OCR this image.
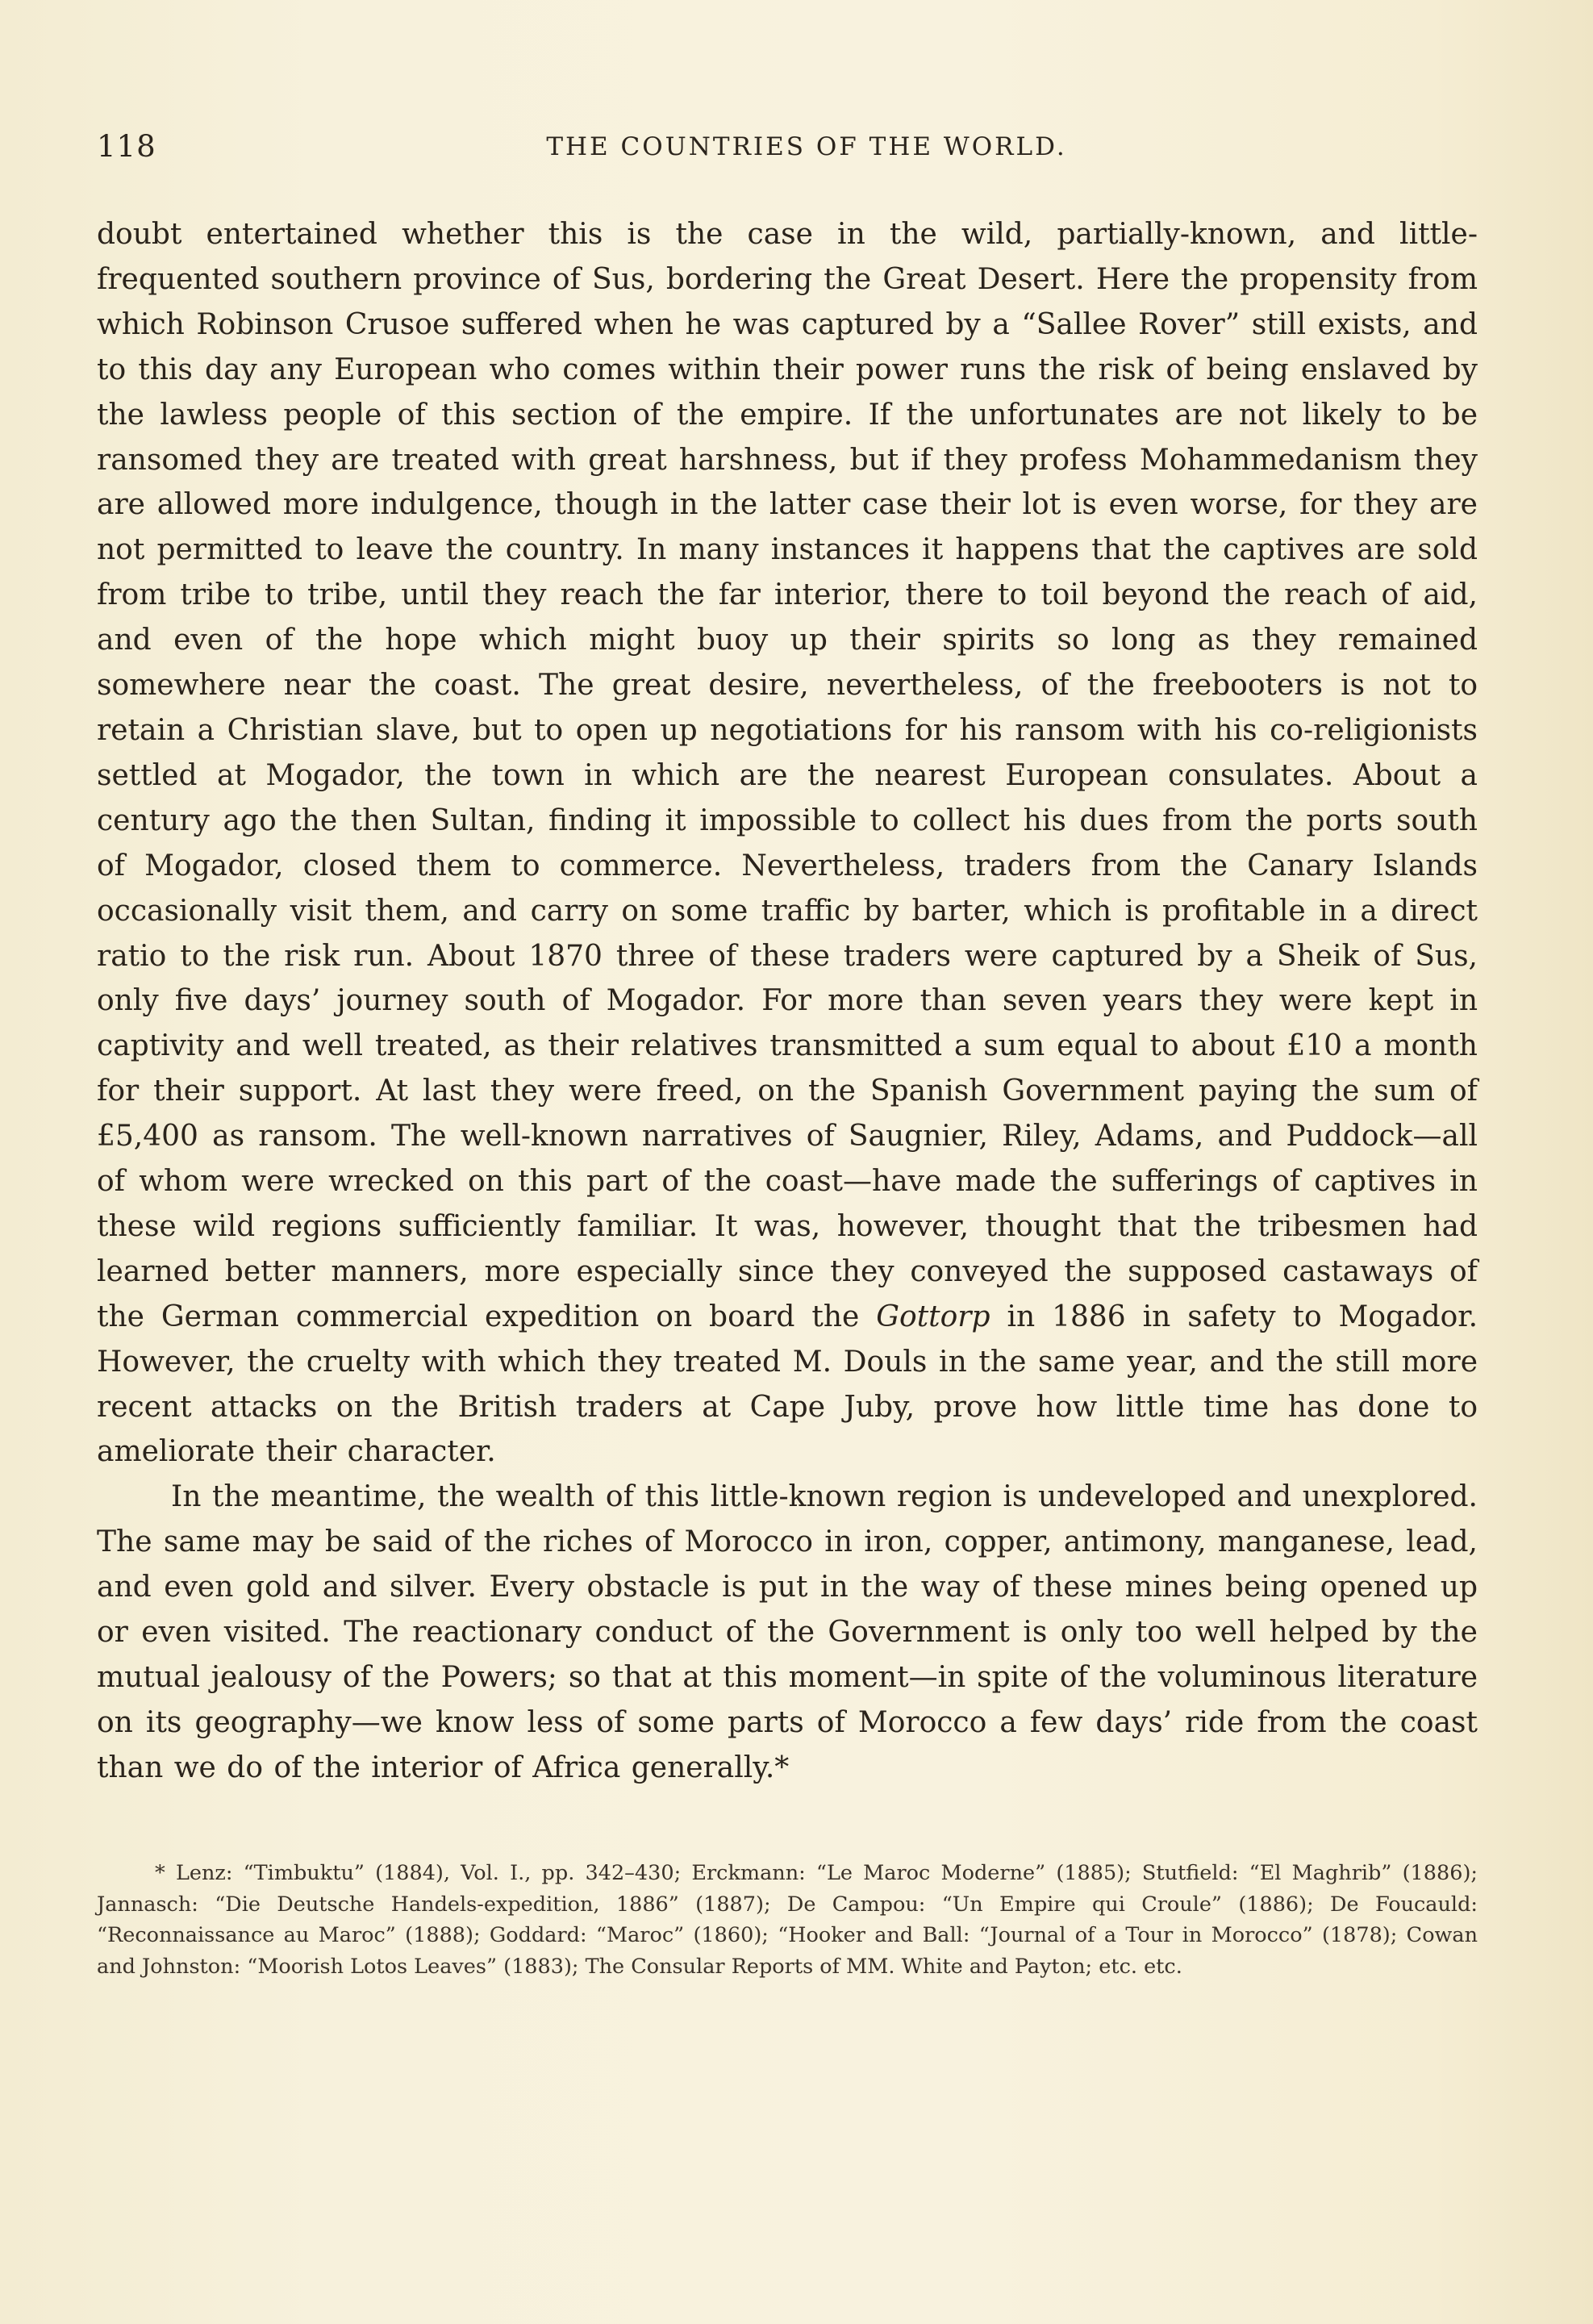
118	THE COUNTRIES OF THE WORLD.

doubt entertained whether this is the case in the wild, partially-known, and little-frequented southern province of Sus, bordering the Great Desert. Here the propensity from which Robinson Crusoe suffered when he was captured by a “Sallee Rover” still exists, and to this day any European who comes within their power runs the risk of being enslaved by the lawless people of this section of the empire. If the unfortunates are not likely to be ransomed they are treated with great harshness, but if they profess Mohammedanism they are allowed more indulgence, though in the latter case their lot is even worse, for they are not permitted to leave the country. In many instances it happens that the captives are sold from tribe to tribe, until they reach the far interior, there to toil beyond the reach of aid, and even of the hope which might buoy up their spirits so long as they remained somewhere near the coast. The great desire, nevertheless, of the freebooters is not to retain a Christian slave, but to open up negotiations for his ransom with his co-religionists settled at Mogador, the town in which are the nearest European consulates. About a century ago the then Sultan, finding it impossible to collect his dues from the ports south of Mogador, closed them to commerce. Nevertheless, traders from the Canary Islands occasionally visit them, and carry on some traffic by barter, which is profitable in a direct ratio to the risk run. About 1870 three of these traders were captured by a Sheik of Sus, only five days’ journey south of Mogador. For more than seven years they were kept in captivity and well treated, as their relatives transmitted a sum equal to about £10 a month for their support. At last they were freed, on the Spanish Government paying the sum of £5,400 as ransom. The well-known narratives of Saugnier, Riley, Adams, and Puddock—all of whom were wrecked on this part of the coast—have made the sufferings of captives in these wild regions sufficiently familiar. It was, however, thought that the tribesmen had learned better manners, more especially since they conveyed the supposed castaways of the German commercial expedition on board the Gottorp in 1886 in safety to Mogador. However, the cruelty with which they treated M. Douls in the same year, and the still more recent attacks on the British traders at Cape Juby, prove how little time has done to ameliorate their character.

In the meantime, the wealth of this little-known region is undeveloped and unexplored. The same may be said of the riches of Morocco in iron, copper, antimony, manganese, lead, and even gold and silver. Every obstacle is put in the way of these mines being opened up or even visited. The reactionary conduct of the Government is only too well helped by the mutual jealousy of the Powers; so that at this moment—in spite of the voluminous literature on its geography—we know less of some parts of Morocco a few days’ ride from the coast than we do of the interior of Africa generally.*

* Lenz: “Timbuktu” (1884), Vol. I., pp. 342–430; Erckmann: “Le Maroc Moderne” (1885); Stutfield: “El Maghrib” (1886); Jannasch: “Die Deutsche Handels-expedition, 1886” (1887); De Campou: “Un Empire qui Croule” (1886); De Foucauld: “Reconnaissance au Maroc” (1888); Goddard: “Maroc” (1860); “Hooker and Ball: “Journal of a Tour in Morocco” (1878); Cowan and Johnston: “Moorish Lotos Leaves” (1883); The Consular Reports of MM. White and Payton; etc. etc.
